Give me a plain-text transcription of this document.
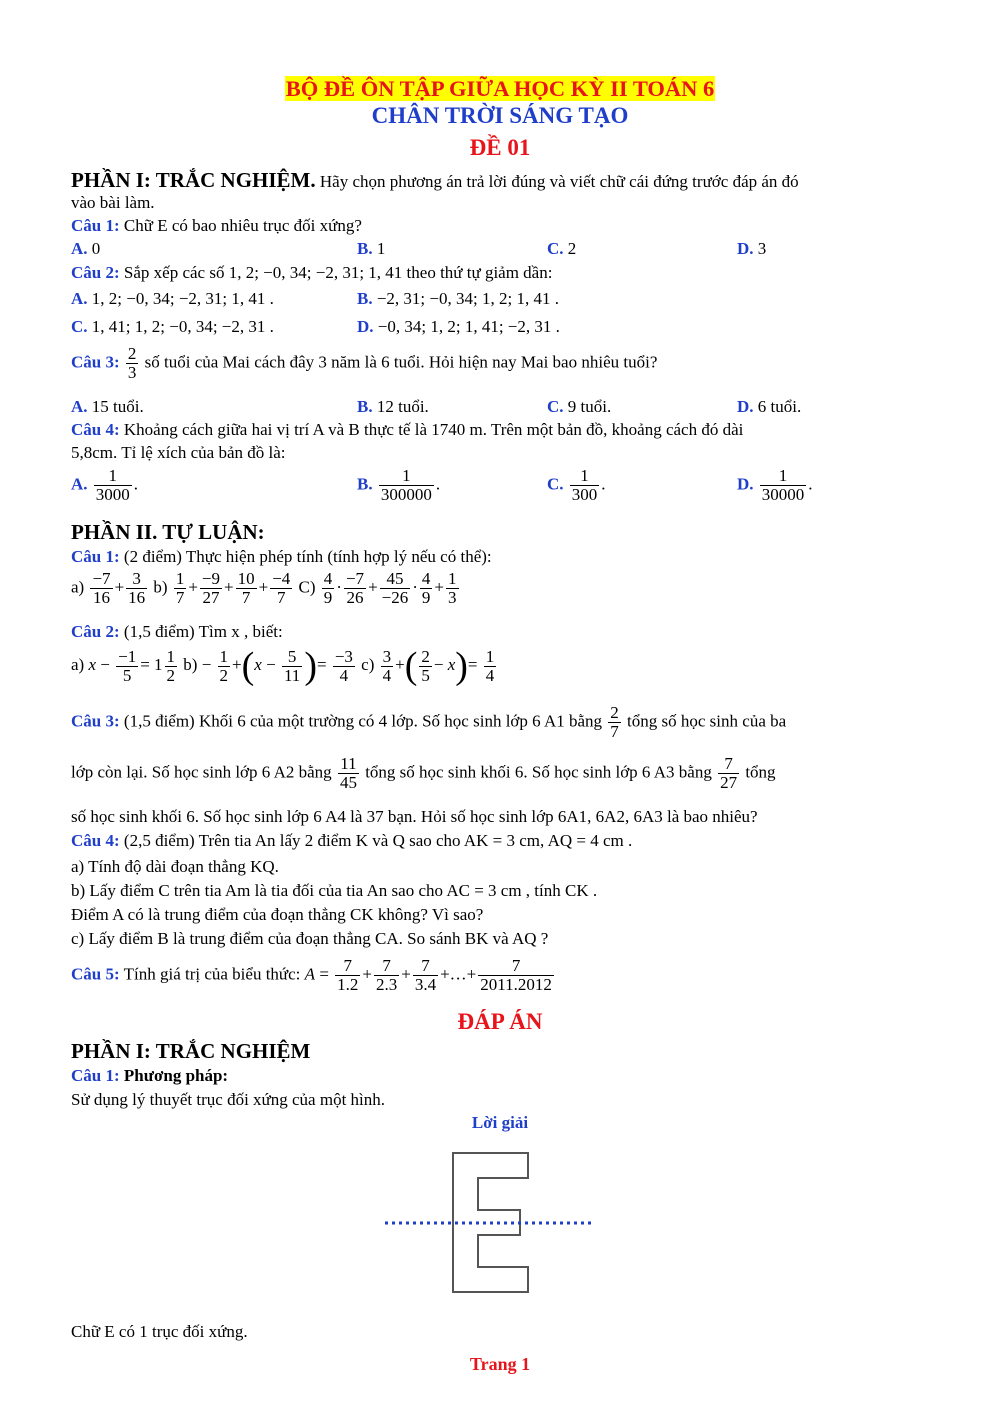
BỘ ĐỀ ÔN TẬP GIỮA HỌC KỲ II TOÁN 6
CHÂN TRỜI SÁNG TẠO
ĐỀ 01
PHẦN I: TRẮC NGHIỆM. Hãy chọn phương án trả lời đúng và viết chữ cái đứng trước đáp án đó
vào bài làm.
Câu 1: Chữ E có bao nhiêu trục đối xứng?
A. 0	B. 1	C. 2	D. 3
Câu 2: Sắp xếp các số 1, 2; −0, 34; −2, 31; 1, 41 theo thứ tự giảm dần:
A. 1, 2; −0, 34; −2, 31; 1, 41 .	B. −2, 31; −0, 34; 1, 2; 1, 41 .
C. 1, 41; 1, 2; −0, 34; −2, 31 .	D. −0, 34; 1, 2; 1, 41; −2, 31 .
Câu 3: $\frac{2}{3}$ số tuổi của Mai cách đây 3 năm là 6 tuổi. Hỏi hiện nay Mai bao nhiêu tuổi?
A. 15 tuổi.	B. 12 tuổi.	C. 9 tuổi.	D. 6 tuổi.
Câu 4: Khoảng cách giữa hai vị trí A và B thực tế là 1740 m. Trên một bản đồ, khoảng cách đó dài
5,8cm. Tỉ lệ xích của bản đồ là:
A. $\frac{1}{3000}$ .	B. $\frac{1}{300000}$ .	C. $\frac{1}{300}$ .	D. $\frac{1}{30000}$ .
PHẦN II. TỰ LUẬN:
Câu 1: (2 điểm) Thực hiện phép tính (tính hợp lý nếu có thể):
$a) \frac{-7}{16} + \frac{3}{16} b) \frac{1}{7} + \frac{-9}{27} + \frac{10}{7} + \frac{-4}{7} C) \frac{4}{9} \cdot \frac{-7}{26} + \frac{45}{-26} \cdot \frac{4}{9} + \frac{1}{3}$
Câu 2: (1,5 điểm) Tìm x , biết:
a) $x - \frac{-1}{5} = 1 \frac{1}{2} b) - \frac{1}{2} +(x - \frac{5}{11}$ )= $\frac{-3}{4} c) \frac{3}{4}$ +( $\frac{2}{5} - x)= \frac{1}{4}$
Câu 3: (1,5 điểm) Khối 6 của một trường có 4 lớp. Số học sinh lớp 6 A1 bằng $\frac{2}{7}$ tổng số học sinh của ba
lớp còn lại. Số học sinh lớp 6 A2 bằng $\frac{11}{45}$ tổng số học sinh khối 6. Số học sinh lớp 6 A3 bằng $\frac{7}{27}$ tổng
số học sinh khối 6. Số học sinh lớp 6 A4 là 37 bạn. Hỏi số học sinh lớp 6A1, 6A2, 6A3 là bao nhiêu?
Câu 4: (2,5 điểm) Trên tia An lấy 2 điểm K và Q sao cho AK = 3 cm, AQ = 4 cm .
a) Tính độ dài đoạn thẳng KQ.
b) Lấy điểm C trên tia Am là tia đối của tia An sao cho AC = 3 cm , tính CK .
Điểm A có là trung điểm của đoạn thẳng CK không? Vì sao?
c) Lấy điểm B là trung điểm của đoạn thẳng CA. So sánh BK và AQ ?
Câu 5: Tính giá trị của biểu thức: $A = \frac{7}{1.2} + \frac{7}{2.3} + \frac{7}{3.4}$ +…+ $\frac{7}{2011.2012}$
ĐÁP ÁN
PHẦN I: TRẮC NGHIỆM
Câu 1: Phương pháp:
Sử dụng lý thuyết trục đối xứng của một hình.
Lời giải
Chữ E có 1 trục đối xứng.
Trang 1
